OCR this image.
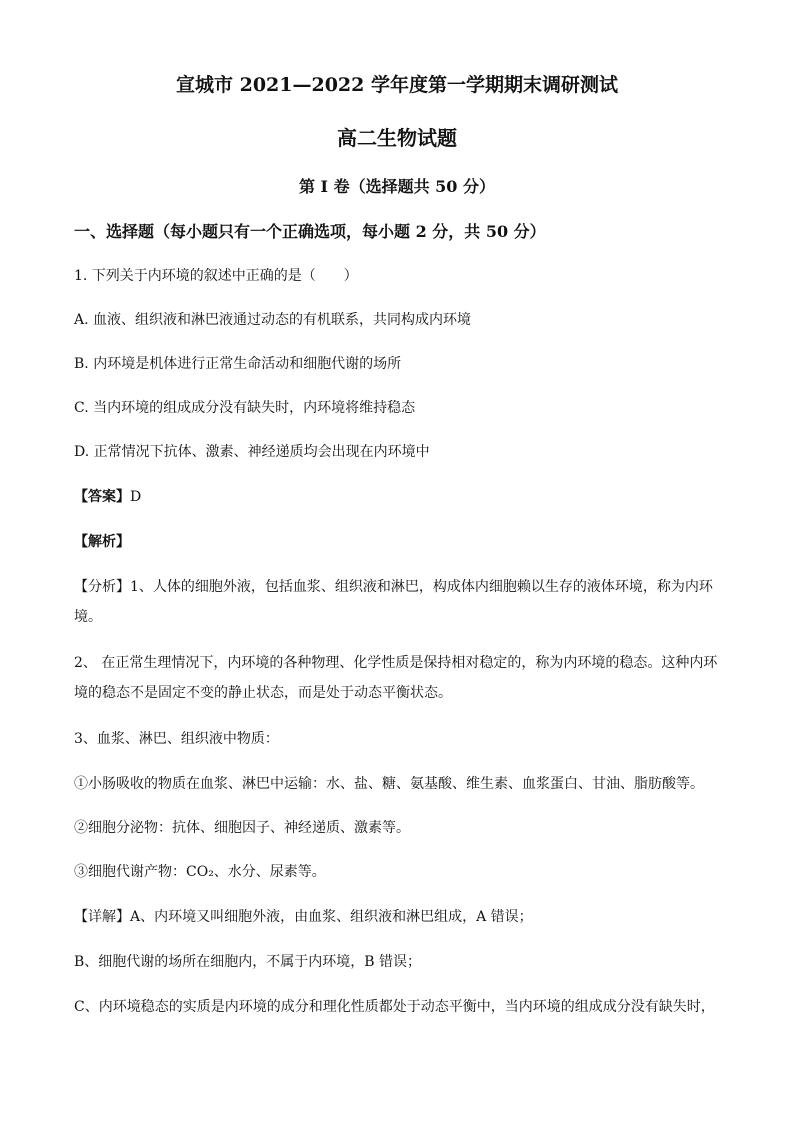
宣城市 2021—2022 学年度第一学期期末调研测试
高二生物试题
第 I 卷（选择题共 50 分）
一、选择题（每小题只有一个正确选项，每小题 2 分，共 50 分）
1. 下列关于内环境的叙述中正确的是（　　）
A. 血液、组织液和淋巴液通过动态的有机联系，共同构成内环境
B. 内环境是机体进行正常生命活动和细胞代谢的场所
C. 当内环境的组成成分没有缺失时，内环境将维持稳态
D. 正常情况下抗体、激素、神经递质均会出现在内环境中
【答案】D
【解析】
【分析】1、人体的细胞外液，包括血浆、组织液和淋巴，构成体内细胞赖以生存的液体环境，称为内环
境。
2、 在正常生理情况下，内环境的各种物理、化学性质是保持相对稳定的，称为内环境的稳态。这种内环
境的稳态不是固定不变的静止状态，而是处于动态平衡状态。
3、血浆、淋巴、组织液中物质：
①小肠吸收的物质在血浆、淋巴中运输：水、盐、糖、氨基酸、维生素、血浆蛋白、甘油、脂肪酸等。
②细胞分泌物：抗体、细胞因子、神经递质、激素等。
③细胞代谢产物：CO₂、水分、尿素等。
【详解】A、内环境又叫细胞外液，由血浆、组织液和淋巴组成，A 错误；
B、细胞代谢的场所在细胞内，不属于内环境，B 错误；
C、内环境稳态的实质是内环境的成分和理化性质都处于动态平衡中，当内环境的组成成分没有缺失时，
